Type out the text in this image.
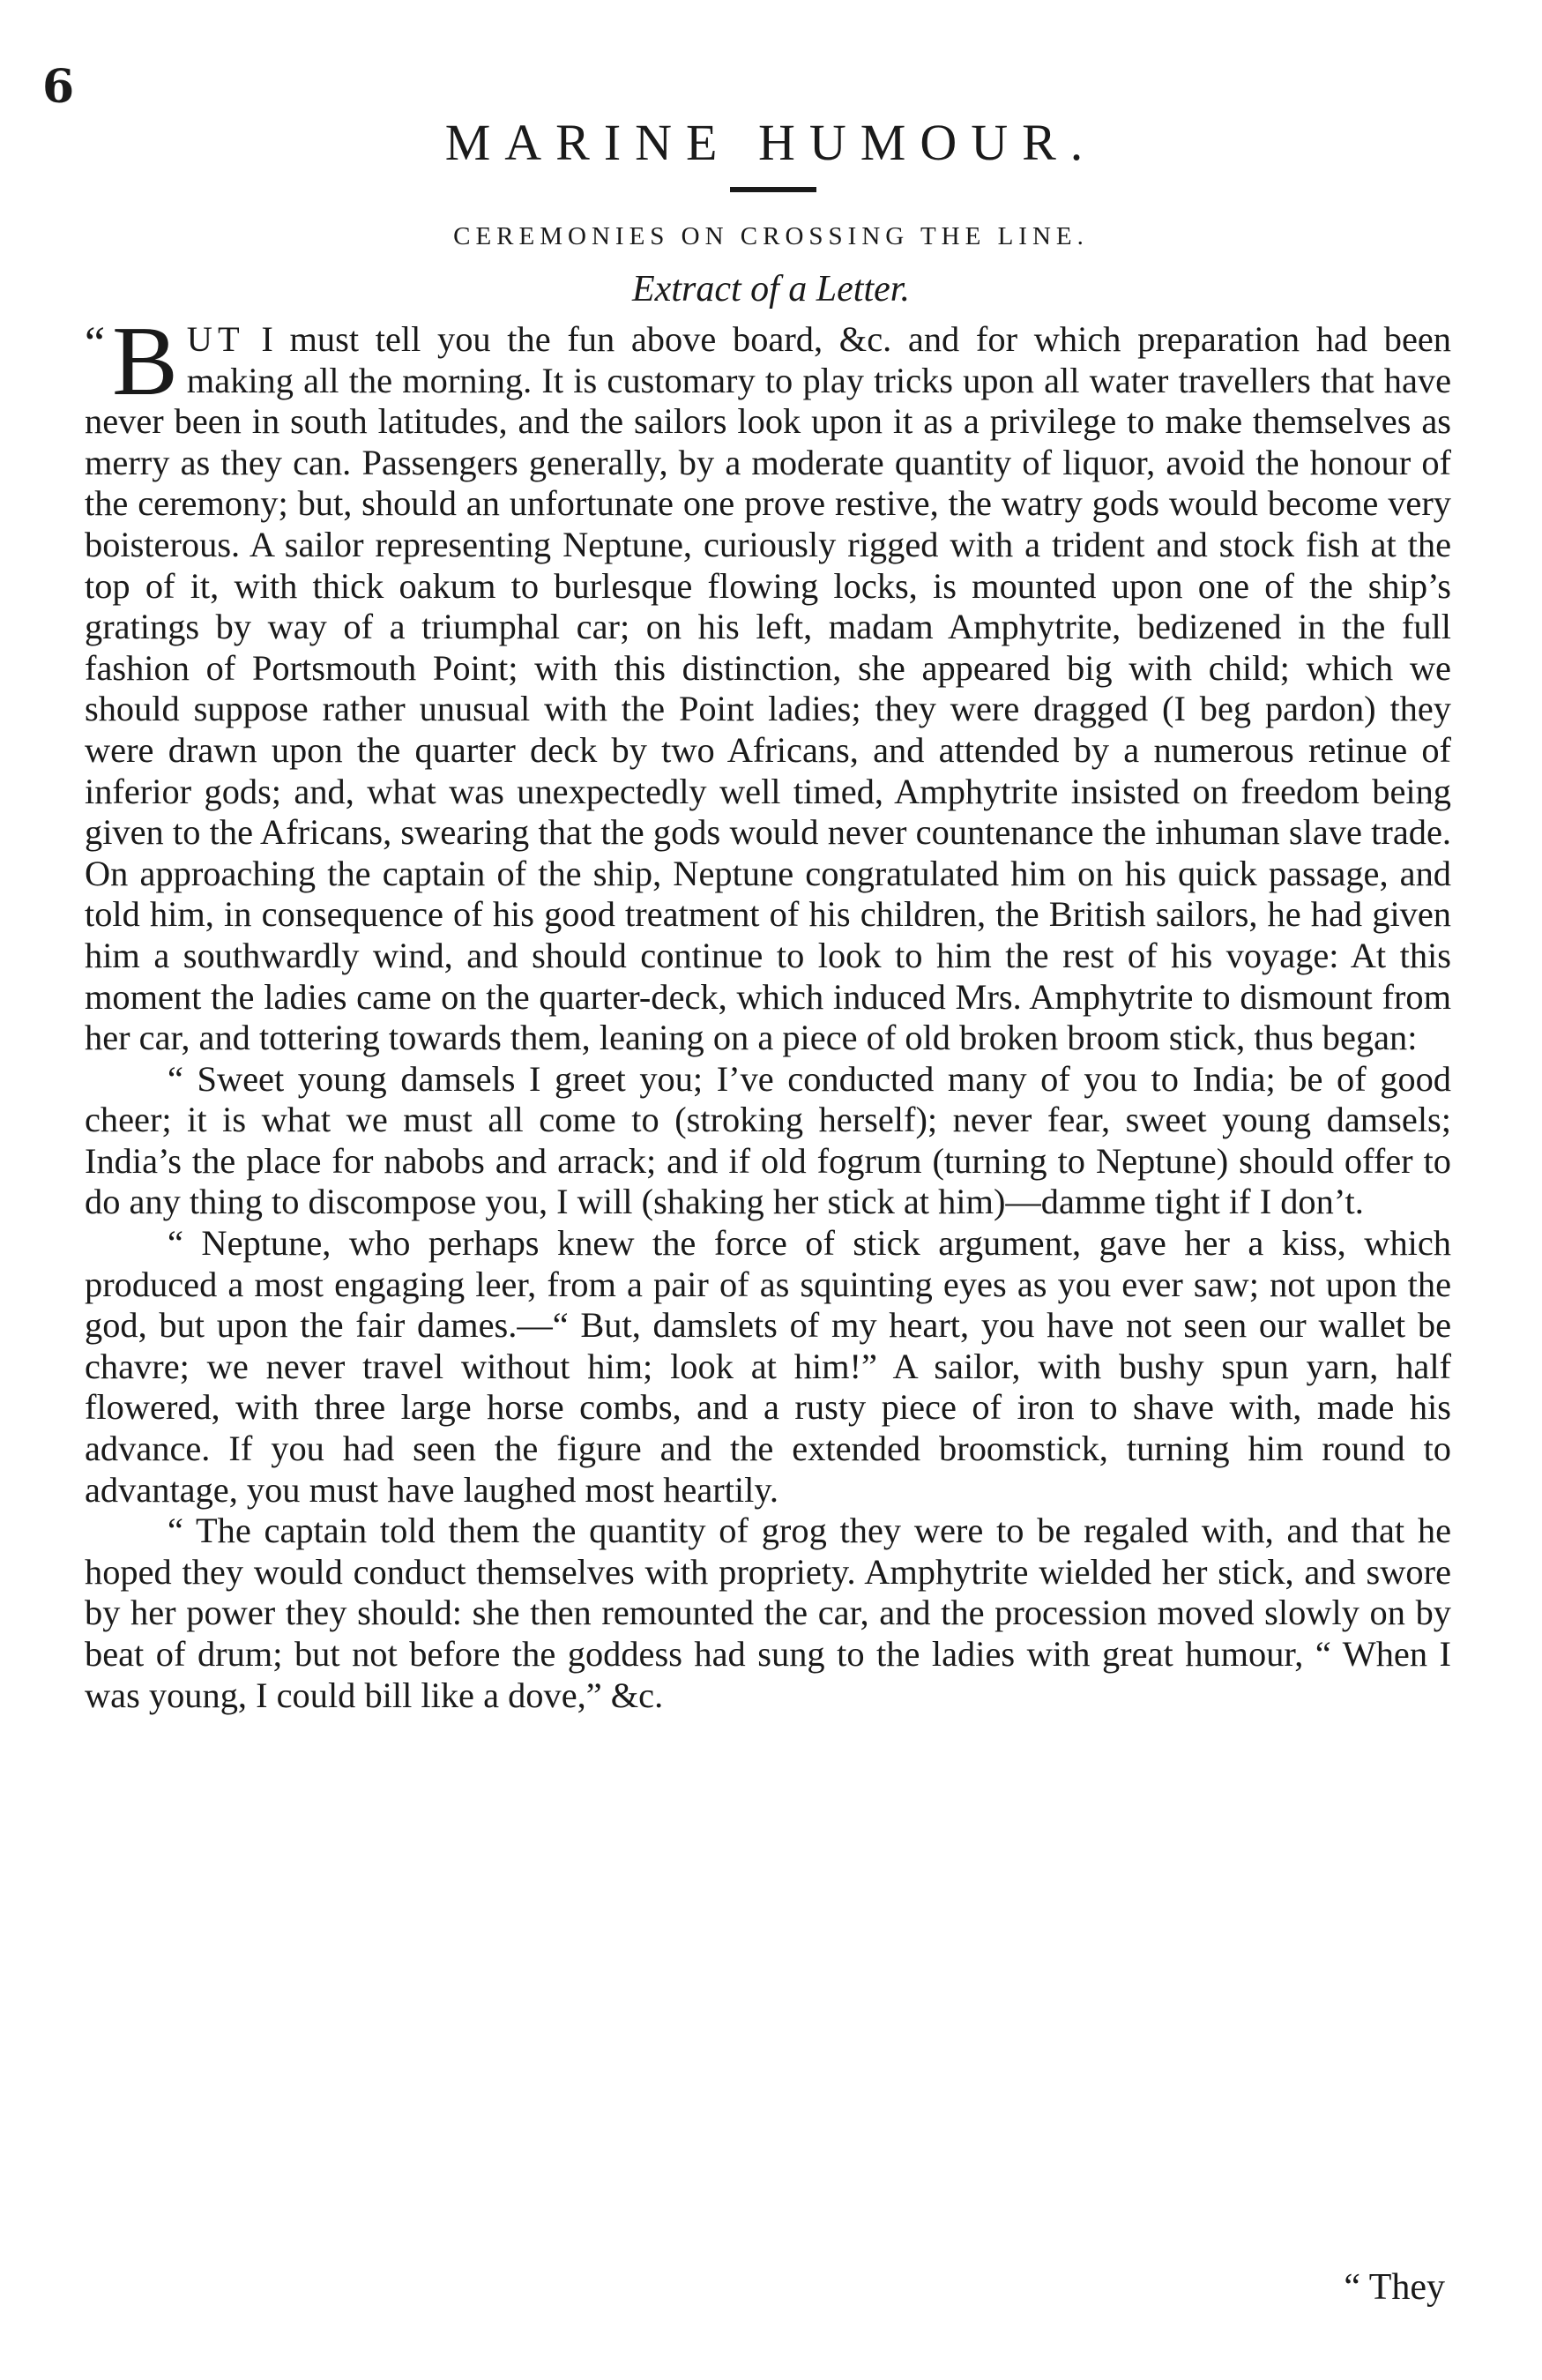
6
MARINE HUMOUR.
CEREMONIES ON CROSSING THE LINE.
Extract of a Letter.

“ B UT I must tell you the fun above board, &c. and for which preparation had been making all the morning. It is customary to play tricks upon all water travellers that have never been in south latitudes, and the sailors look upon it as a privilege to make themselves as merry as they can. Passengers generally, by a moderate quantity of liquor, avoid the honour of the ceremony; but, should an unfortunate one prove restive, the watry gods would become very boisterous. A sailor representing Neptune, curiously rigged with a trident and stock fish at the top of it, with thick oakum to burlesque flowing locks, is mounted upon one of the ship’s gratings by way of a triumphal car; on his left, madam Amphytrite, bedizened in the full fashion of Portsmouth Point; with this distinction, she appeared big with child; which we should suppose rather unusual with the Point ladies; they were dragged (I beg pardon) they were drawn upon the quarter deck by two Africans, and attended by a numerous retinue of inferior gods; and, what was unexpectedly well timed, Amphytrite insisted on freedom being given to the Africans, swearing that the gods would never countenance the inhuman slave trade. On approaching the captain of the ship, Neptune congratulated him on his quick passage, and told him, in consequence of his good treatment of his children, the British sailors, he had given him a southwardly wind, and should continue to look to him the rest of his voyage: At this moment the ladies came on the quarter-deck, which induced Mrs. Amphytrite to dismount from her car, and tottering towards them, leaning on a piece of old broken broom stick, thus began:

“ Sweet young damsels I greet you; I’ve conducted many of you to India; be of good cheer; it is what we must all come to (stroking herself); never fear, sweet young damsels; India’s the place for nabobs and arrack; and if old fogrum (turning to Neptune) should offer to do any thing to discompose you, I will (shaking her stick at him)—damme tight if I don’t.

“ Neptune, who perhaps knew the force of stick argument, gave her a kiss, which produced a most engaging leer, from a pair of as squinting eyes as you ever saw; not upon the god, but upon the fair dames.—“ But, damslets of my heart, you have not seen our wallet be chavre; we never travel without him; look at him!” A sailor, with bushy spun yarn, half flowered, with three large horse combs, and a rusty piece of iron to shave with, made his advance. If you had seen the figure and the extended broomstick, turning him round to advantage, you must have laughed most heartily.

“ The captain told them the quantity of grog they were to be regaled with, and that he hoped they would conduct themselves with propriety. Amphytrite wielded her stick, and swore by her power they should: she then remounted the car, and the procession moved slowly on by beat of drum; but not before the goddess had sung to the ladies with great humour, “ When I was young, I could bill like a dove,” &c.

“ They
